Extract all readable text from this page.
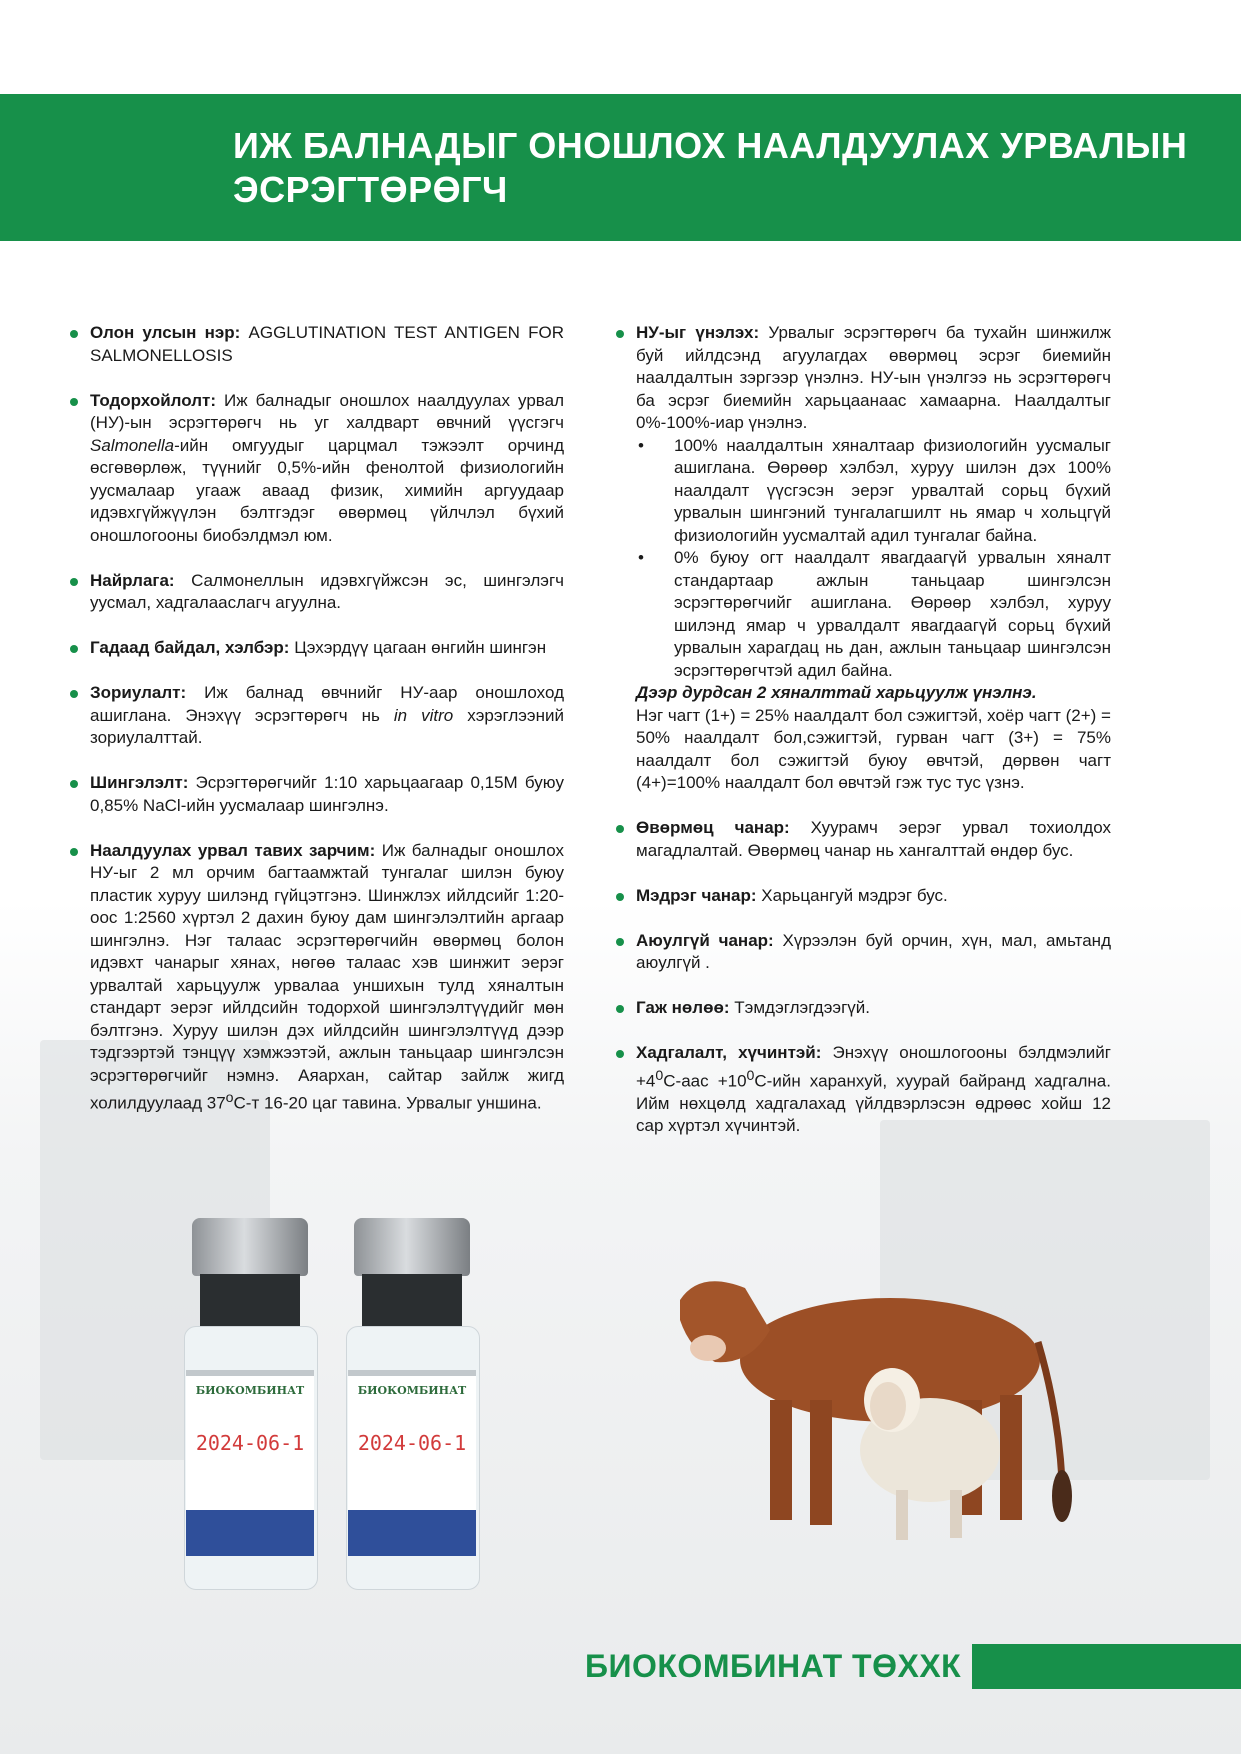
ИЖ БАЛНАДЫГ ОНОШЛОХ НААЛДУУЛАХ УРВАЛЫН
ЭСРЭГТӨРӨГЧ
Олон улсын нэр: AGGLUTINATION TEST ANTIGEN FOR SALMONELLOSIS
Тодорхойлолт: Иж балнадыг оношлох наалдуулах урвал (НУ)-ын эсрэгтөрөгч нь уг халдварт өвчний үүсгэгч Salmonella-ийн омгуудыг царцмал тэжээлт орчинд өсгөвөрлөж, түүнийг 0,5%-ийн фенолтой физиологийн уусмалаар угааж аваад физик, химийн аргуудаар идэвхгүйжүүлэн бэлтгэдэг өвөрмөц үйлчлэл бүхий оношлогооны биобэлдмэл юм.
Найрлага: Салмонеллын идэвхгүйжсэн эс, шингэлэгч уусмал, хадгалаaслагч агуулна.
Гадаад байдал, хэлбэр: Цэхэрдүү цагаан өнгийн шингэн
Зориулалт: Иж балнад өвчнийг НУ-аар оношлоход ашиглана. Энэхүү эсрэгтөрөгч нь in vitro хэрэглээний зориулалттай.
Шингэлэлт: Эсрэгтөрөгчийг 1:10 харьцаагаар 0,15M буюу 0,85% NaCl-ийн уусмалаар шингэлнэ.
Наалдуулах урвал тавих зарчим: Иж балнадыг оношлох НУ-ыг 2 мл орчим багтаамжтай тунгалаг шилэн буюу пластик хуруу шилэнд гүйцэтгэнэ. Шинжлэх ийлдсийг 1:20-оос 1:2560 хүртэл 2 дахин буюу дам шингэлэлтийн аргаар шингэлнэ. Нэг талаас эсрэгтөрөгчийн өвөрмөц болон идэвхт чанарыг хянах, нөгөө талаас хэв шинжит эерэг урвалтай харьцуулж урвалаа уншихын тулд хяналтын стандарт эерэг ийлдсийн тодорхой шингэлэлтүүдийг мөн бэлтгэнэ. Хуруу шилэн дэх ийлдсийн шингэлэлтүүд дээр тэдгээртэй тэнцүү хэмжээтэй, ажлын таньцаар шингэлсэн эсрэгтөрөгчийг нэмнэ. Аяархан, сайтар зайлж жигд холилдуулаад 37$^o$С-т 16-20 цаг тавина. Урвалыг уншина.
НУ-ыг үнэлэх: Урвалыг эсрэгтөрөгч ба тухайн шинжилж буй ийлдсэнд агуулагдах өвөрмөц эсрэг биемийн наалдалтын зэргээр үнэлнэ. НУ-ын үнэлгээ нь эсрэгтөрөгч ба эсрэг биемийн харьцаанаас хамаарна. Наалдалтыг 0%-100%-иар үнэлнэ.
• 100% наалдалтын хяналтаар физиологийн уусмалыг ашиглана. Өөрөөр хэлбэл, хуруу шилэн дэх 100% наалдалт үүсгэсэн эерэг урвалтай сорьц бүхий урвалын шингэний тунгалагшилт нь ямар ч хольцгүй физиологийн уусмалтай адил тунгалаг байна.
• 0% буюу огт наалдалт явагдаагүй урвалын хяналт стандартаар ажлын таньцаар шингэлсэн эсрэгтөрөгчийг ашиглана. Өөрөөр хэлбэл, хуруу шилэнд ямар ч урвалдалт явагдаагүй сорьц бүхий урвалын харагдац нь дан, ажлын таньцаар шингэлсэн эсрэгтөрөгчтэй адил байна.
Дээр дурдсан 2 хяналттай харьцуулж үнэлнэ.
Нэг чагт (1+) = 25% наалдалт бол сэжигтэй, хоёр чагт (2+) = 50% наалдалт бол,сэжигтэй, гурван чагт (3+) = 75% наалдалт бол сэжигтэй буюу өвчтэй, дөрвөн чагт (4+)=100% наалдалт бол өвчтэй гэж тус тус үзнэ.
Өвөрмөц чанар: Хуурамч эерэг урвал тохиолдох магадлалтай. Өвөрмөц чанар нь хангалттай өндөр бус.
Мэдрэг чанар: Харьцангуй мэдрэг бус.
Аюулгүй чанар: Хүрээлэн буй орчин, хүн, мал, амьтанд аюулгүй .
Гаж нөлөө: Тэмдэглэгдээгүй.
Хадгалалт, хүчинтэй: Энэхүү оношлогооны бэлдмэлийг $+4^0С$-аас $+10^0С$-ийн харанхуй, хуурай байранд хадгална. Ийм нөхцөлд хадгалахад үйлдвэрлэсэн өдрөөс хойш 12 сар хүртэл хүчинтэй.
БИОКОМБИНАТ
2024-06-1
БИОКОМБИНАТ
2024-06-1
БИОКОМБИНАТ ТӨХХК
